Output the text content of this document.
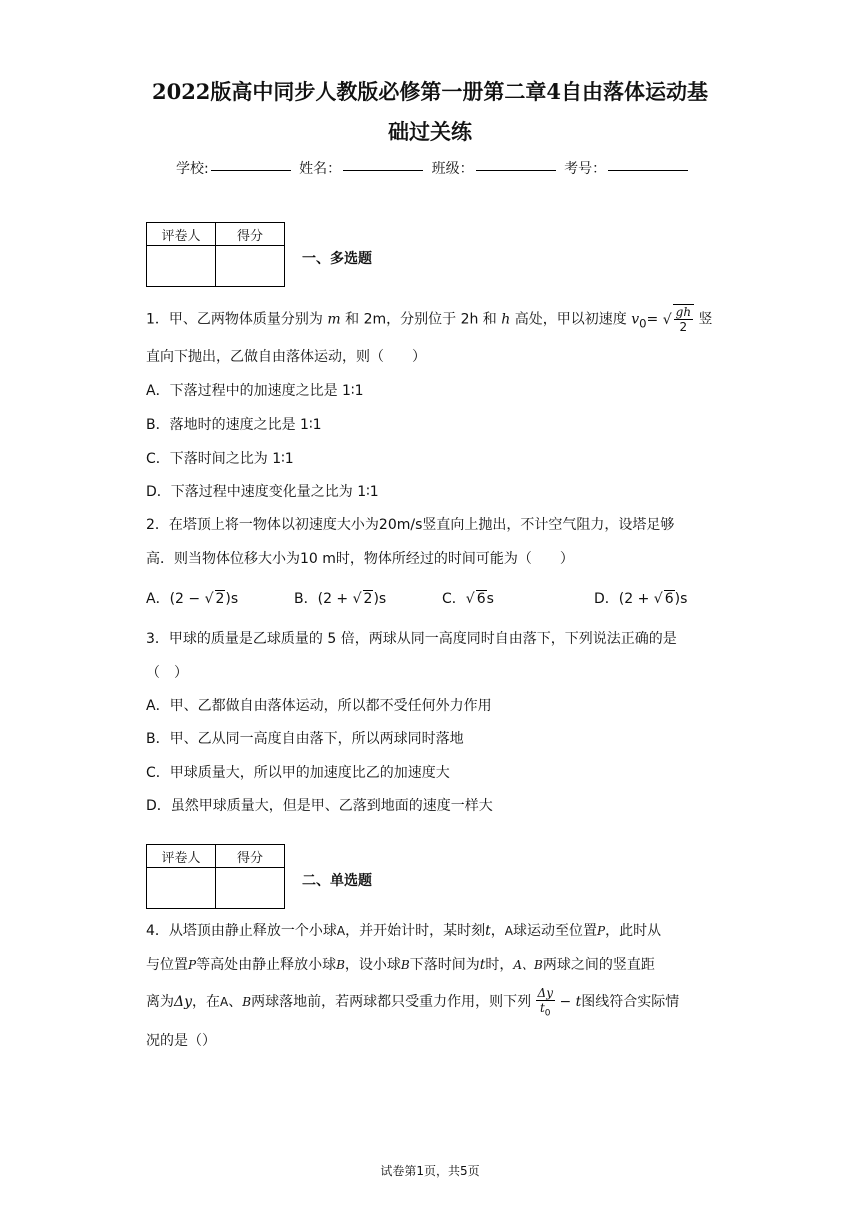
2022版高中同步人教版必修第一册第二章4自由落体运动基
础过关练
学校:	姓名：	班级：	考号：
评卷人	得分

一、多选题
1．甲、乙两物体质量分别为 m 和 2m，分别位于 2h 和 h 高处，甲以初速度 $v_0=$ √ $\frac{gh}{2}$ 竖
直向下抛出，乙做自由落体运动，则（　　）
A．下落过程中的加速度之比是 1∶1
B．落地时的速度之比是 1∶1
C．下落时间之比为 1∶1
D．下落过程中速度变化量之比为 1∶1
2．在塔顶上将一物体以初速度大小为20m/s竖直向上抛出，不计空气阻力，设塔足够
高．则当物体位移大小为10 m时，物体所经过的时间可能为（　　）
A．(2 − √ 2)s	B．(2 + √ 2)s	C．√ 6s	D．(2 + √ 6)s
3．甲球的质量是乙球质量的 5 倍，两球从同一高度同时自由落下，下列说法正确的是
（　）
A．甲、乙都做自由落体运动，所以都不受任何外力作用
B．甲、乙从同一高度自由落下，所以两球同时落地
C．甲球质量大，所以甲的加速度比乙的加速度大
D．虽然甲球质量大，但是甲、乙落到地面的速度一样大
评卷人	得分

二、单选题
4．从塔顶由静止释放一个小球A，并开始计时，某时刻t，A球运动至位置P，此时从
与位置P等高处由静止释放小球B，设小球B下落时间为t时，A、B两球之间的竖直距
离为Δy，在A、B两球落地前，若两球都只受重力作用，则下列 $\frac{\Delta y}{t_0} - t$图线符合实际情
况的是（）
试卷第1页，共5页
